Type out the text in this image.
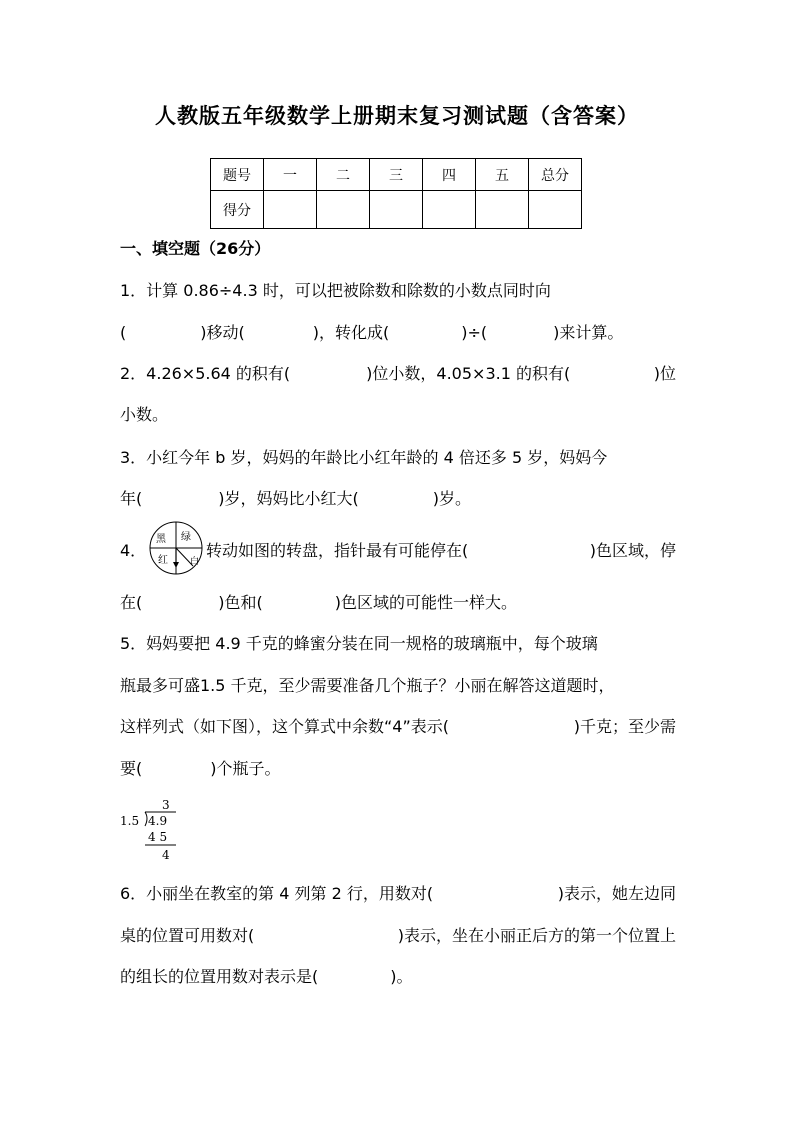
人教版五年级数学上册期末复习测试题（含答案）
题号	一	二	三	四	五	总分
得分						
一、填空题（26分）
1．计算 0.86÷4.3 时，可以把被除数和除数的小数点同时向
(	)移动(	)，转化成(	)÷(	)来计算。
2．4.26×5.64 的积有(	)位小数，4.05×3.1 的积有(	)位
小数。
3．小红今年 b 岁，妈妈的年龄比小红年龄的 4 倍还多 5 岁，妈妈今
年(	)岁，妈妈比小红大(	)岁。
4．
黑 绿
红 白
转动如图的转盘，指针最有可能停在(	)色区域，停
在(	)色和(	)色区域的可能性一样大。
5．妈妈要把 4.9 千克的蜂蜜分装在同一规格的玻璃瓶中，每个玻璃
瓶最多可盛1.5 千克，至少需要准备几个瓶子？小丽在解答这道题时，
这样列式（如下图），这个算式中余数“4”表示(	)千克；至少需
要(	)个瓶子。
3
1.5 4.9
4 5
4
6．小丽坐在教室的第 4 列第 2 行，用数对(	)表示，她左边同
桌的位置可用数对(	)表示，坐在小丽正后方的第一个位置上
的组长的位置用数对表示是(	)。
